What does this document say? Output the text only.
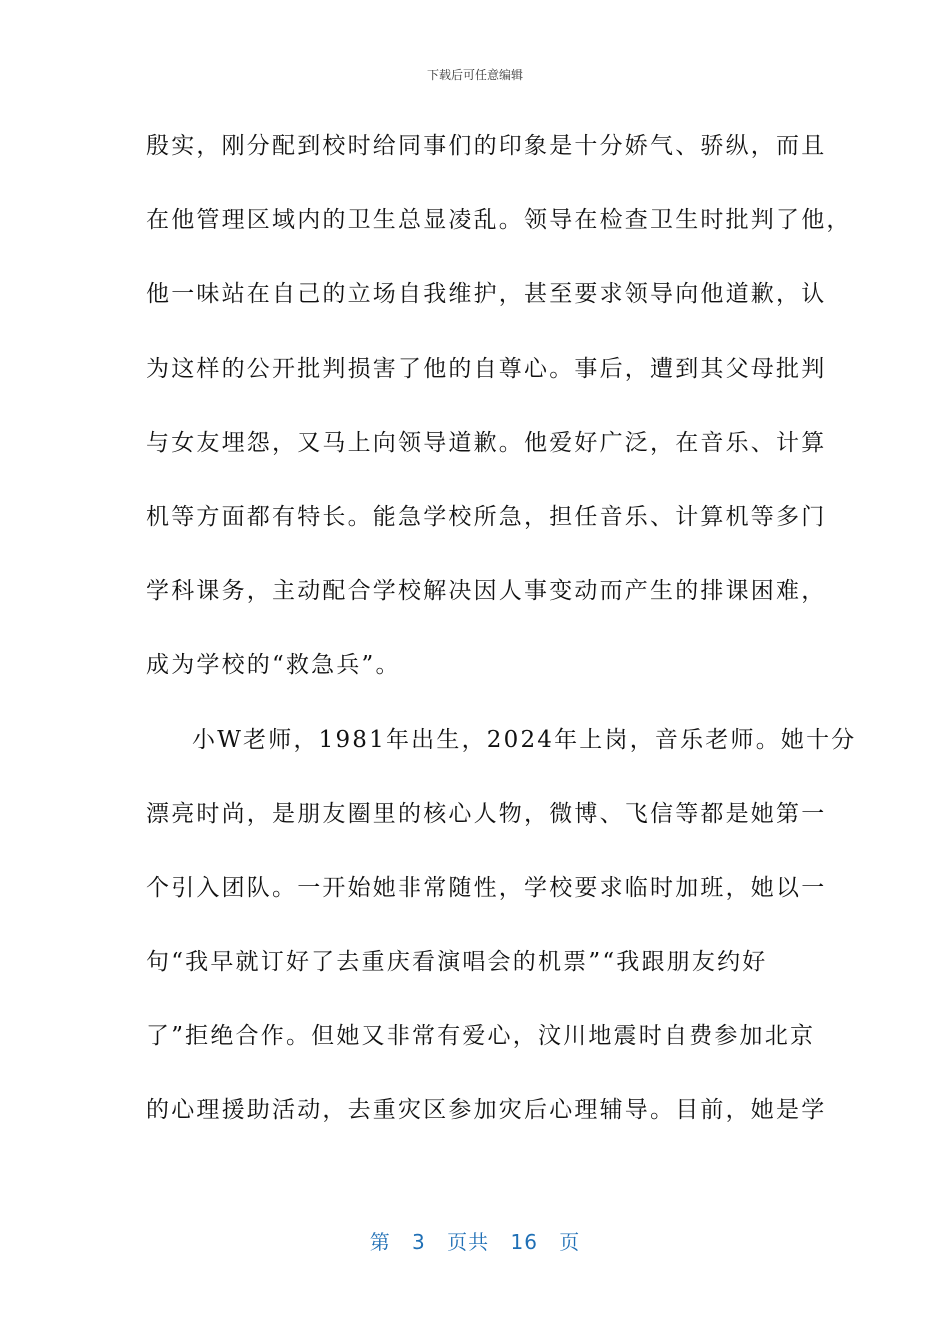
下载后可任意编辑
殷实，刚分配到校时给同事们的印象是十分娇气、骄纵，而且
在他管理区域内的卫生总显凌乱。领导在检查卫生时批判了他，
他一味站在自己的立场自我维护，甚至要求领导向他道歉，认
为这样的公开批判损害了他的自尊心。事后，遭到其父母批判
与女友埋怨，又马上向领导道歉。他爱好广泛，在音乐、计算
机等方面都有特长。能急学校所急，担任音乐、计算机等多门
学科课务，主动配合学校解决因人事变动而产生的排课困难，
成为学校的“救急兵”。
小W老师，1981年出生，2024年上岗，音乐老师。她十分
漂亮时尚，是朋友圈里的核心人物，微博、飞信等都是她第一
个引入团队。一开始她非常随性，学校要求临时加班，她以一
句“我早就订好了去重庆看演唱会的机票”“我跟朋友约好
了”拒绝合作。但她又非常有爱心，汶川地震时自费参加北京
的心理援助活动，去重灾区参加灾后心理辅导。目前，她是学
第 3 页共 16 页
